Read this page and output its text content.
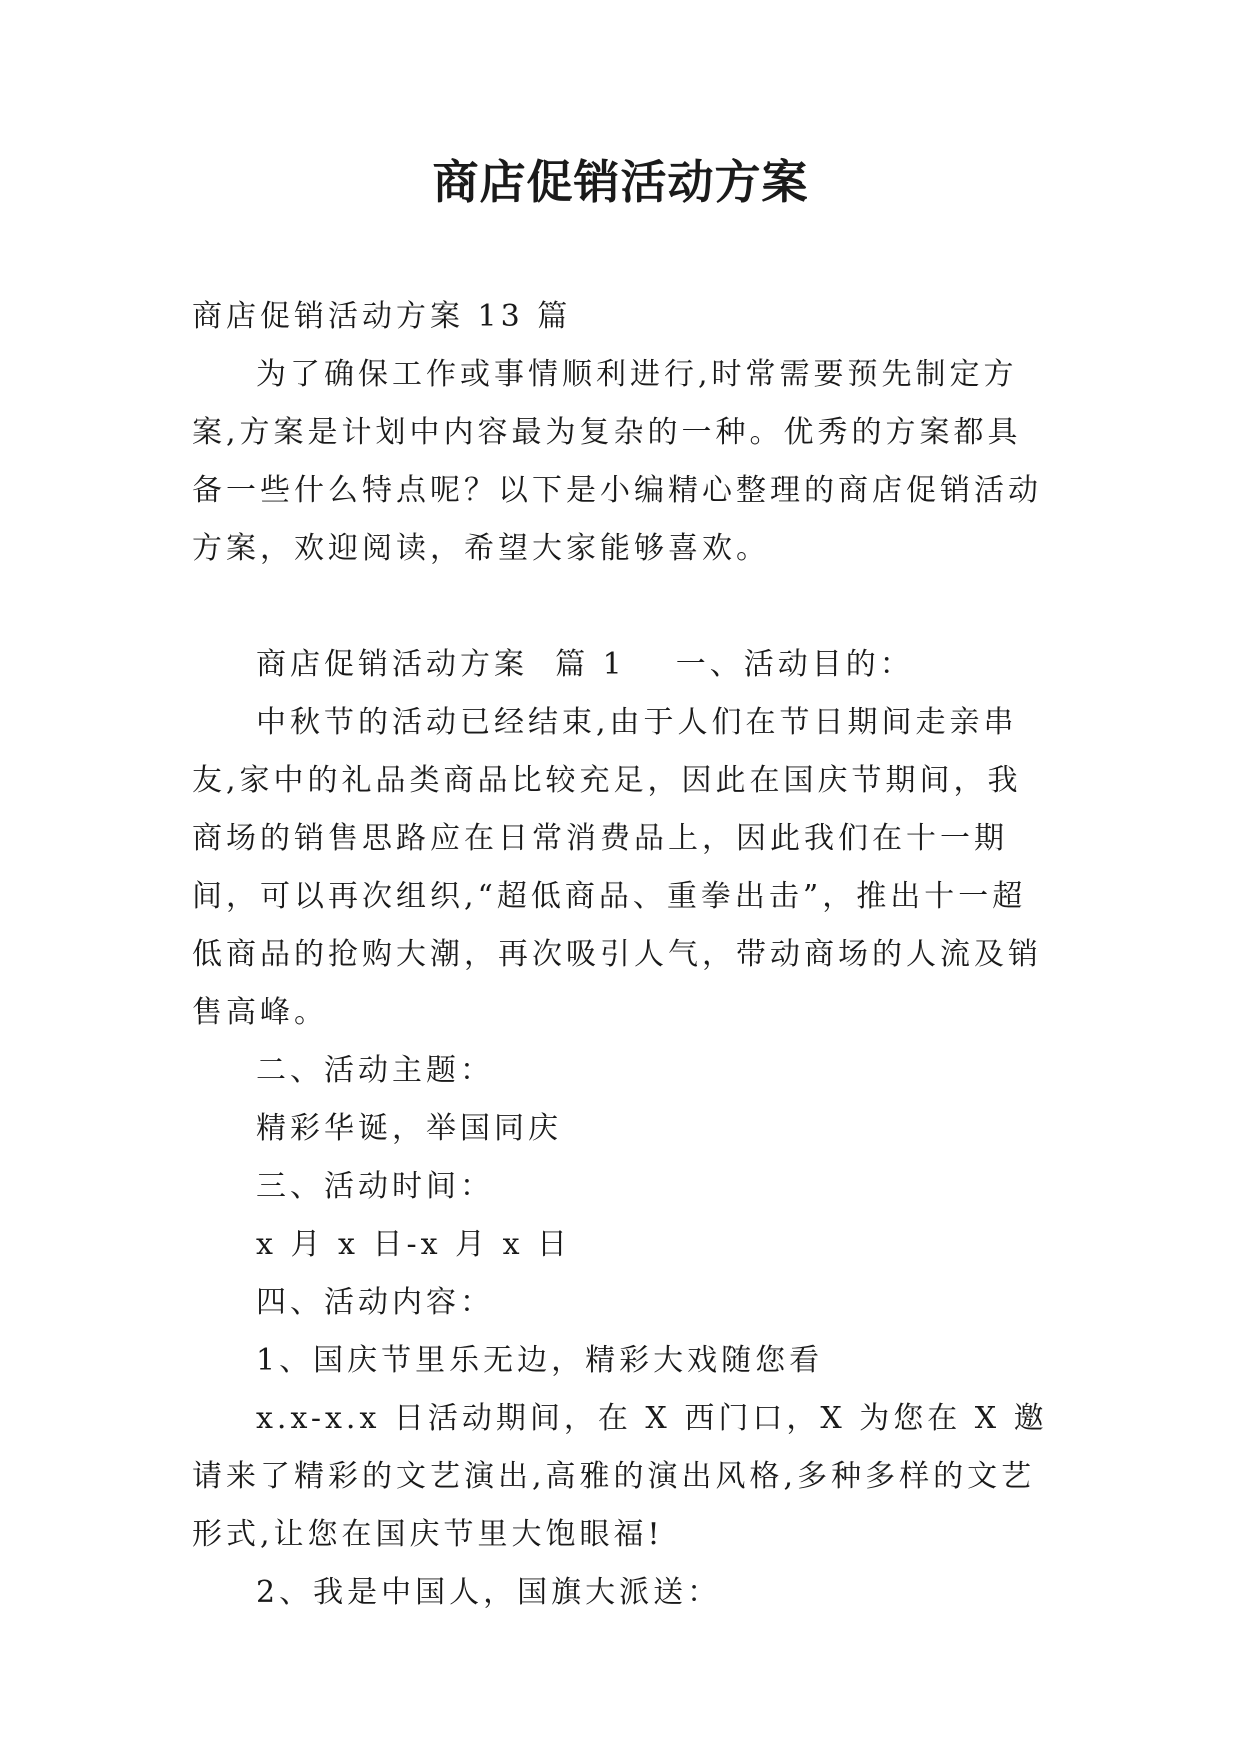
商店促销活动方案

商店促销活动方案 13 篇

为了确保工作或事情顺利进行,时常需要预先制定方案,方案是计划中内容最为复杂的一种。优秀的方案都具备一些什么特点呢？以下是小编精心整理的商店促销活动方案，欢迎阅读，希望大家能够喜欢。

商店促销活动方案  篇 1 一、活动目的：

中秋节的活动已经结束,由于人们在节日期间走亲串友,家中的礼品类商品比较充足，因此在国庆节期间，我商场的销售思路应在日常消费品上，因此我们在十一期间，可以再次组织,“超低商品、重拳出击”，推出十一超低商品的抢购大潮，再次吸引人气，带动商场的人流及销售高峰。

二、活动主题：

精彩华诞，举国同庆

三、活动时间：

x 月 x 日-x 月 x 日

四、活动内容：

1、国庆节里乐无边，精彩大戏随您看

x.x-x.x 日活动期间，在 X 西门口，X 为您在 X 邀请来了精彩的文艺演出,高雅的演出风格,多种多样的文艺形式,让您在国庆节里大饱眼福!

2、我是中国人，国旗大派送：
